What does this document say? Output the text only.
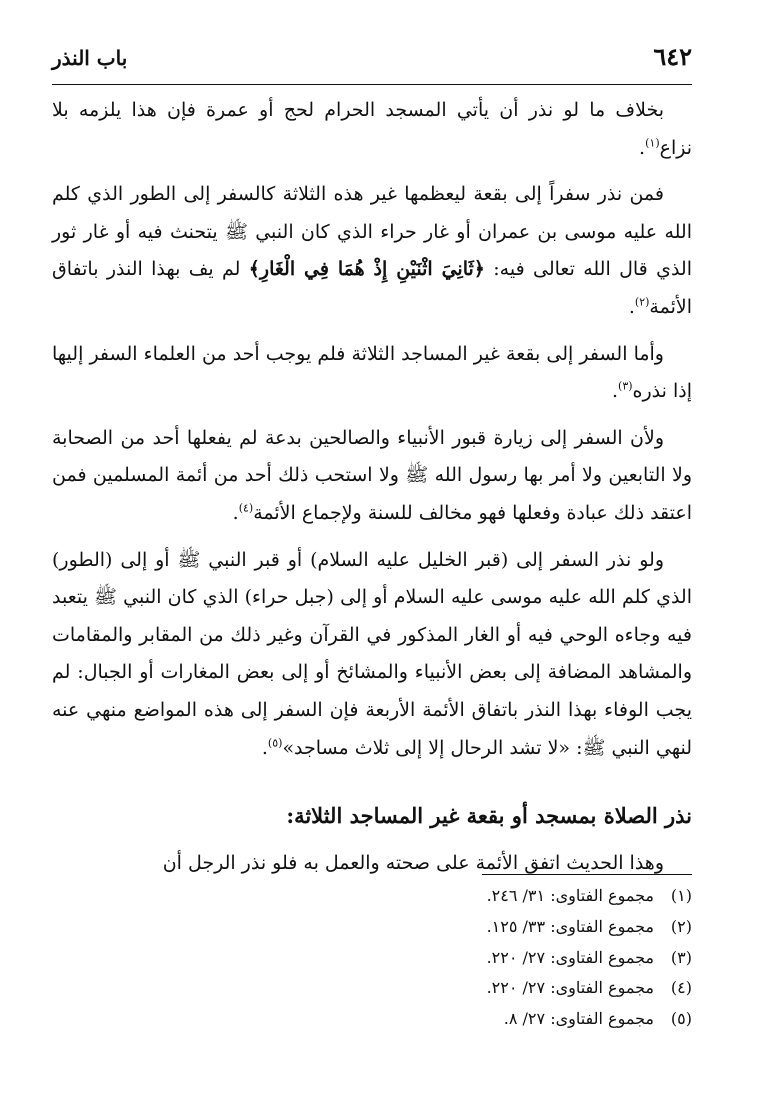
٦٤٢
باب النذر

بخلاف ما لو نذر أن يأتي المسجد الحرام لحج أو عمرة فإن هذا يلزمه بلا نزاع$^{(١)}$.

فمن نذر سفراً إلى بقعة ليعظمها غير هذه الثلاثة كالسفر إلى الطور الذي كلم الله عليه موسى بن عمران أو غار حراء الذي كان النبي ﷺ يتحنث فيه أو غار ثور الذي قال الله تعالى فيه: ﴿ثَانِيَ اثْنَيْنِ إِذْ هُمَا فِي الْغَارِ﴾ لم يف بهذا النذر باتفاق الأئمة$^{(٢)}$.

وأما السفر إلى بقعة غير المساجد الثلاثة فلم يوجب أحد من العلماء السفر إليها إذا نذره$^{(٣)}$.

ولأن السفر إلى زيارة قبور الأنبياء والصالحين بدعة لم يفعلها أحد من الصحابة ولا التابعين ولا أمر بها رسول الله ﷺ ولا استحب ذلك أحد من أئمة المسلمين فمن اعتقد ذلك عبادة وفعلها فهو مخالف للسنة ولإجماع الأئمة$^{(٤)}$.

ولو نذر السفر إلى (قبر الخليل عليه السلام) أو قبر النبي ﷺ أو إلى (الطور) الذي كلم الله عليه موسى عليه السلام أو إلى (جبل حراء) الذي كان النبي ﷺ يتعبد فيه وجاءه الوحي فيه أو الغار المذكور في القرآن وغير ذلك من المقابر والمقامات والمشاهد المضافة إلى بعض الأنبياء والمشائخ أو إلى بعض المغارات أو الجبال: لم يجب الوفاء بهذا النذر باتفاق الأئمة الأربعة فإن السفر إلى هذه المواضع منهي عنه لنهي النبي ﷺ: «لا تشد الرحال إلا إلى ثلاث مساجد»$^{(٥)}$.

نذر الصلاة بمسجد أو بقعة غير المساجد الثلاثة:

وهذا الحديث اتفق الأئمة على صحته والعمل به فلو نذر الرجل أن

(١)
مجموع الفتاوى: ٣١/ ٢٤٦.
(٢)
مجموع الفتاوى: ٣٣/ ١٢٥.
(٣)
مجموع الفتاوى: ٢٧/ ٢٢٠.
(٤)
مجموع الفتاوى: ٢٧/ ٢٢٠.
(٥)
مجموع الفتاوى: ٢٧/ ٨.
